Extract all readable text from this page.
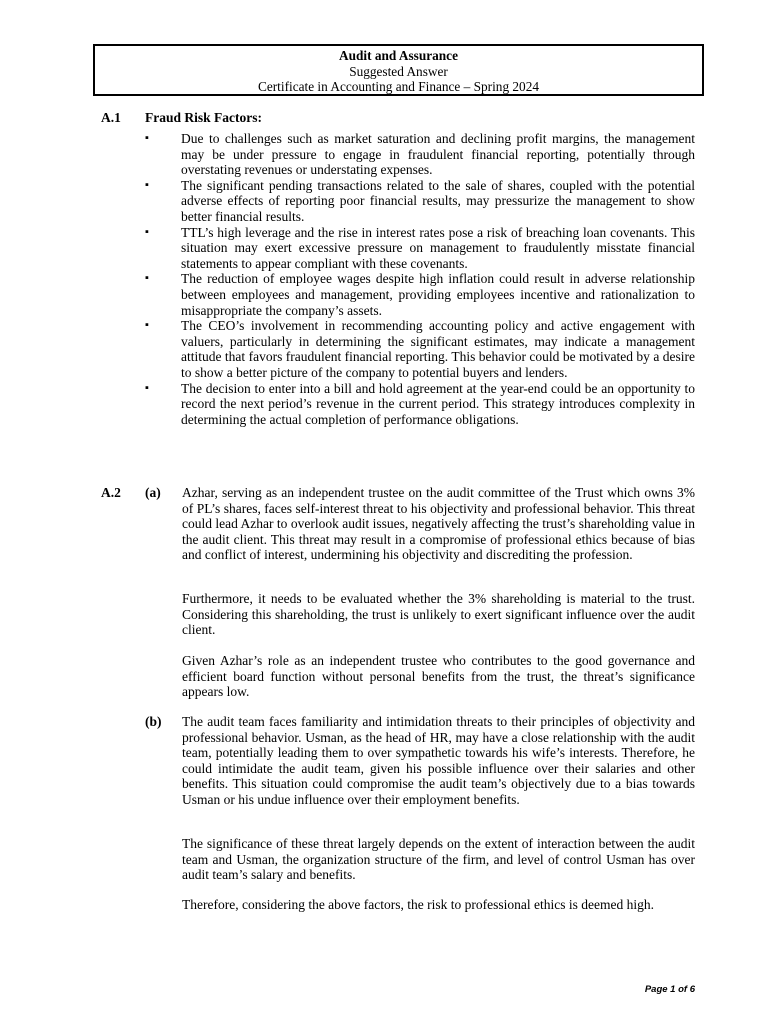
Audit and Assurance
Suggested Answer
Certificate in Accounting and Finance – Spring 2024
A.1 Fraud Risk Factors:
▪	Due to challenges such as market saturation and declining profit margins, the management may be under pressure to engage in fraudulent financial reporting, potentially through overstating revenues or understating expenses.
▪	The significant pending transactions related to the sale of shares, coupled with the potential adverse effects of reporting poor financial results, may pressurize the management to show better financial results.
▪	TTL’s high leverage and the rise in interest rates pose a risk of breaching loan covenants. This situation may exert excessive pressure on management to fraudulently misstate financial statements to appear compliant with these covenants.
▪	The reduction of employee wages despite high inflation could result in adverse relationship between employees and management, providing employees incentive and rationalization to misappropriate the company’s assets.
▪	The CEO’s involvement in recommending accounting policy and active engagement with valuers, particularly in determining the significant estimates, may indicate a management attitude that favors fraudulent financial reporting. This behavior could be motivated by a desire to show a better picture of the company to potential buyers and lenders.
▪	The decision to enter into a bill and hold agreement at the year-end could be an opportunity to record the next period’s revenue in the current period. This strategy introduces complexity in determining the actual completion of performance obligations.
A.2 (a) Azhar, serving as an independent trustee on the audit committee of the Trust which owns 3% of PL’s shares, faces self-interest threat to his objectivity and professional behavior. This threat could lead Azhar to overlook audit issues, negatively affecting the trust’s shareholding value in the audit client. This threat may result in a compromise of professional ethics because of bias and conflict of interest, undermining his objectivity and discrediting the profession.

Furthermore, it needs to be evaluated whether the 3% shareholding is material to the trust. Considering this shareholding, the trust is unlikely to exert significant influence over the audit client.

Given Azhar’s role as an independent trustee who contributes to the good governance and efficient board function without personal benefits from the trust, the threat’s significance appears low.

(b) The audit team faces familiarity and intimidation threats to their principles of objectivity and professional behavior. Usman, as the head of HR, may have a close relationship with the audit team, potentially leading them to over sympathetic towards his wife’s interests. Therefore, he could intimidate the audit team, given his possible influence over their salaries and other benefits. This situation could compromise the audit team’s objectively due to a bias towards Usman or his undue influence over their employment benefits.

The significance of these threat largely depends on the extent of interaction between the audit team and Usman, the organization structure of the firm, and level of control Usman has over audit team’s salary and benefits.

Therefore, considering the above factors, the risk to professional ethics is deemed high.

Page 1 of 6
